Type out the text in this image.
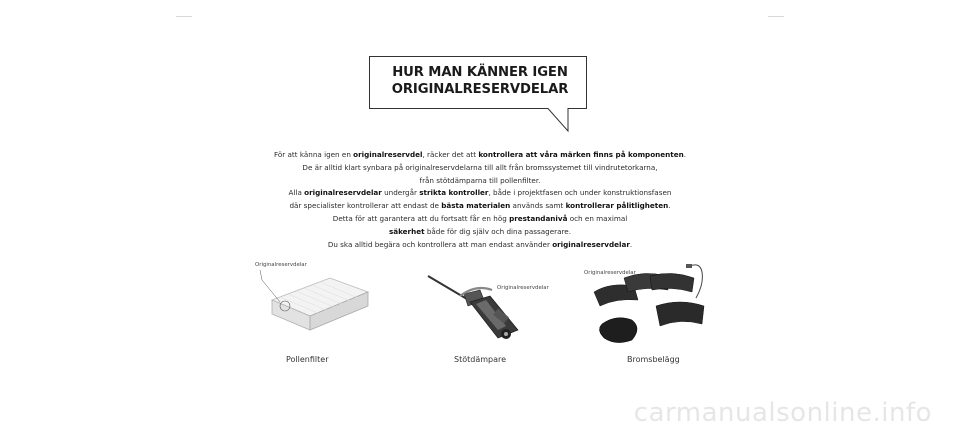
HUR MAN KÄNNER IGEN
ORIGINALRESERVDELAR
För att känna igen en originalreservdel, räcker det att kontrollera att våra märken finns på komponenten.
De är alltid klart synbara på originalreservdelarna till allt från bromssystemet till vindrutetorkarna,
från stötdämparna till pollenfilter.
Alla originalreservdelar undergår strikta kontroller, både i projektfasen och under konstruktionsfasen
där specialister kontrollerar att endast de bästa materialen används samt kontrollerar pålitligheten.
Detta för att garantera att du fortsatt får en hög prestandanivå och en maximal
säkerhet både för dig själv och dina passagerare.
Du ska alltid begära och kontrollera att man endast använder originalreservdelar.
Originalreservdelar
Pollenfilter
Originalreservdelar
Stötdämpare
Originalreservdelar
Bromsbelägg
carmanualsonline.info
